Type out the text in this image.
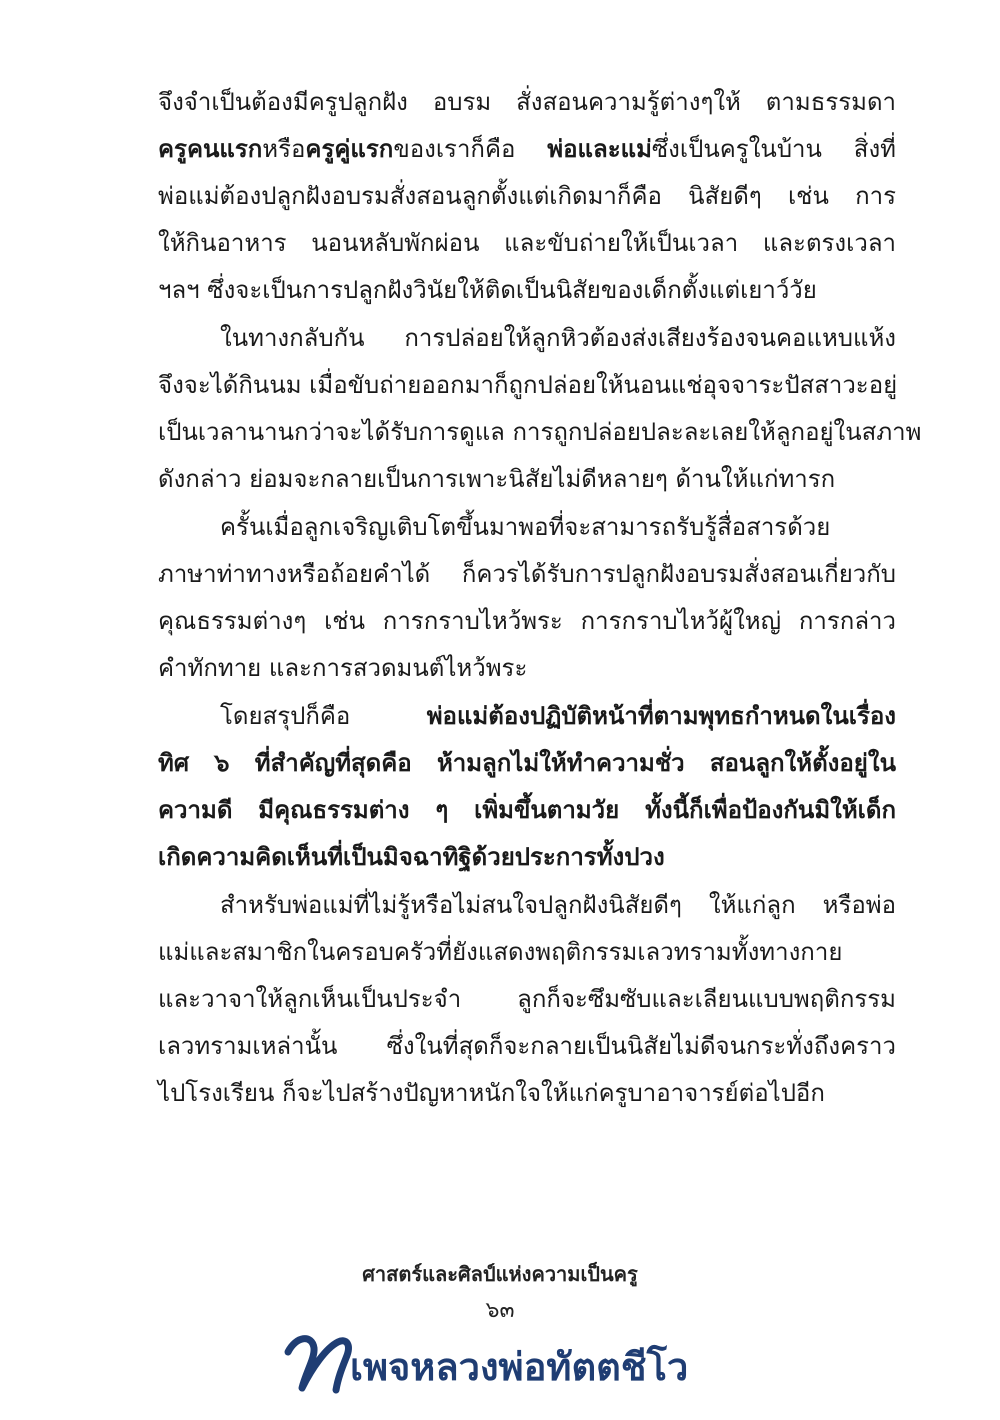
จึงจำเป็นต้องมีครูปลูกฝัง อบรม สั่งสอนความรู้ต่างๆให้ ตามธรรมดา
ครูคนแรกหรือครูคู่แรกของเราก็คือ พ่อและแม่ซึ่งเป็นครูในบ้าน สิ่งที่
พ่อแม่ต้องปลูกฝังอบรมสั่งสอนลูกตั้งแต่เกิดมาก็คือ นิสัยดีๆ เช่น การ
ให้กินอาหาร นอนหลับพักผ่อน และขับถ่ายให้เป็นเวลา และตรงเวลา
ฯลฯ ซึ่งจะเป็นการปลูกฝังวินัยให้ติดเป็นนิสัยของเด็กตั้งแต่เยาว์วัย
ในทางกลับกัน การปล่อยให้ลูกหิวต้องส่งเสียงร้องจนคอแหบแห้ง
จึงจะได้กินนม เมื่อขับถ่ายออกมาก็ถูกปล่อยให้นอนแช่อุจจาระปัสสาวะอยู่
เป็นเวลานานกว่าจะได้รับการดูแล การถูกปล่อยปละละเลยให้ลูกอยู่ในสภาพ
ดังกล่าว ย่อมจะกลายเป็นการเพาะนิสัยไม่ดีหลายๆ ด้านให้แก่ทารก
ครั้นเมื่อลูกเจริญเติบโตขึ้นมาพอที่จะสามารถรับรู้สื่อสารด้วย
ภาษาท่าทางหรือถ้อยคำได้ ก็ควรได้รับการปลูกฝังอบรมสั่งสอนเกี่ยวกับ
คุณธรรมต่างๆ เช่น การกราบไหว้พระ การกราบไหว้ผู้ใหญ่ การกล่าว
คำทักทาย และการสวดมนต์ไหว้พระ
โดยสรุปก็คือ พ่อแม่ต้องปฏิบัติหน้าที่ตามพุทธกำหนดในเรื่อง
ทิศ ๖ ที่สำคัญที่สุดคือ ห้ามลูกไม่ให้ทำความชั่ว สอนลูกให้ตั้งอยู่ใน
ความดี มีคุณธรรมต่าง ๆ เพิ่มขึ้นตามวัย ทั้งนี้ก็เพื่อป้องกันมิให้เด็ก
เกิดความคิดเห็นที่เป็นมิจฉาทิฐิด้วยประการทั้งปวง
สำหรับพ่อแม่ที่ไม่รู้หรือไม่สนใจปลูกฝังนิสัยดีๆ ให้แก่ลูก หรือพ่อ
แม่และสมาชิกในครอบครัวที่ยังแสดงพฤติกรรมเลวทรามทั้งทางกาย
และวาจาให้ลูกเห็นเป็นประจำ ลูกก็จะซึมซับและเลียนแบบพฤติกรรม
เลวทรามเหล่านั้น ซึ่งในที่สุดก็จะกลายเป็นนิสัยไม่ดีจนกระทั่งถึงคราว
ไปโรงเรียน ก็จะไปสร้างปัญหาหนักใจให้แก่ครูบาอาจารย์ต่อไปอีก
ศาสตร์และศิลป์แห่งความเป็นครู
๖๓
เพจหลวงพ่อทัตตชีโว
